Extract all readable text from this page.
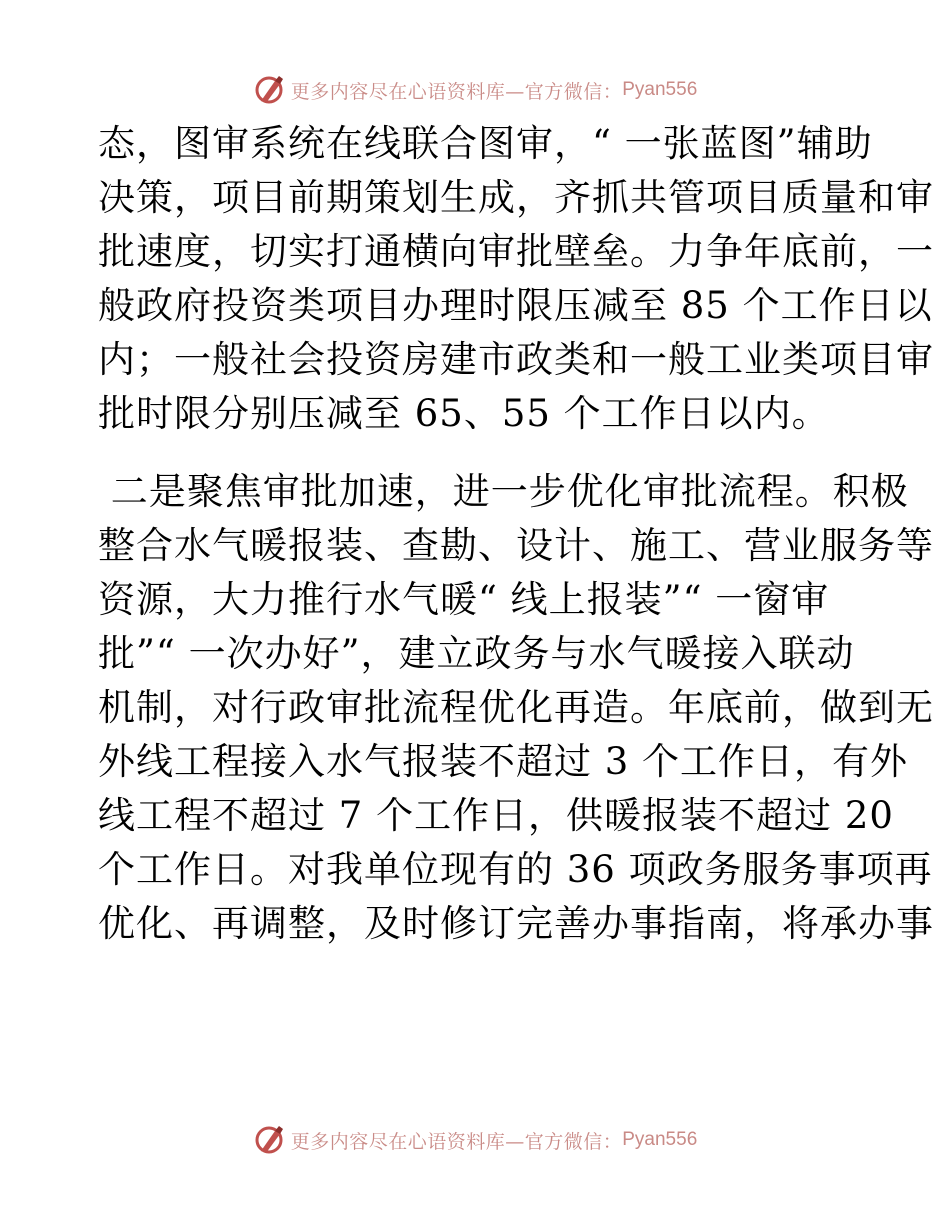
更多内容尽在心语资料库—官方微信： Pyan556
态，图审系统在线联合图审，“ 一张蓝图”辅助
决策，项目前期策划生成，齐抓共管项目质量和审
批速度，切实打通横向审批壁垒。力争年底前，一
般政府投资类项目办理时限压减至 85 个工作日以
内；一般社会投资房建市政类和一般工业类项目审
批时限分别压减至 65、55 个工作日以内。
二是聚焦审批加速，进一步优化审批流程。积极
整合水气暖报装、查勘、设计、施工、营业服务等
资源，大力推行水气暖“ 线上报装”“ 一窗审
批”“ 一次办好”，建立政务与水气暖接入联动
机制，对行政审批流程优化再造。年底前，做到无
外线工程接入水气报装不超过 3 个工作日，有外
线工程不超过 7 个工作日，供暖报装不超过 20
个工作日。对我单位现有的 36 项政务服务事项再
优化、再调整，及时修订完善办事指南，将承办事
更多内容尽在心语资料库—官方微信： Pyan556
